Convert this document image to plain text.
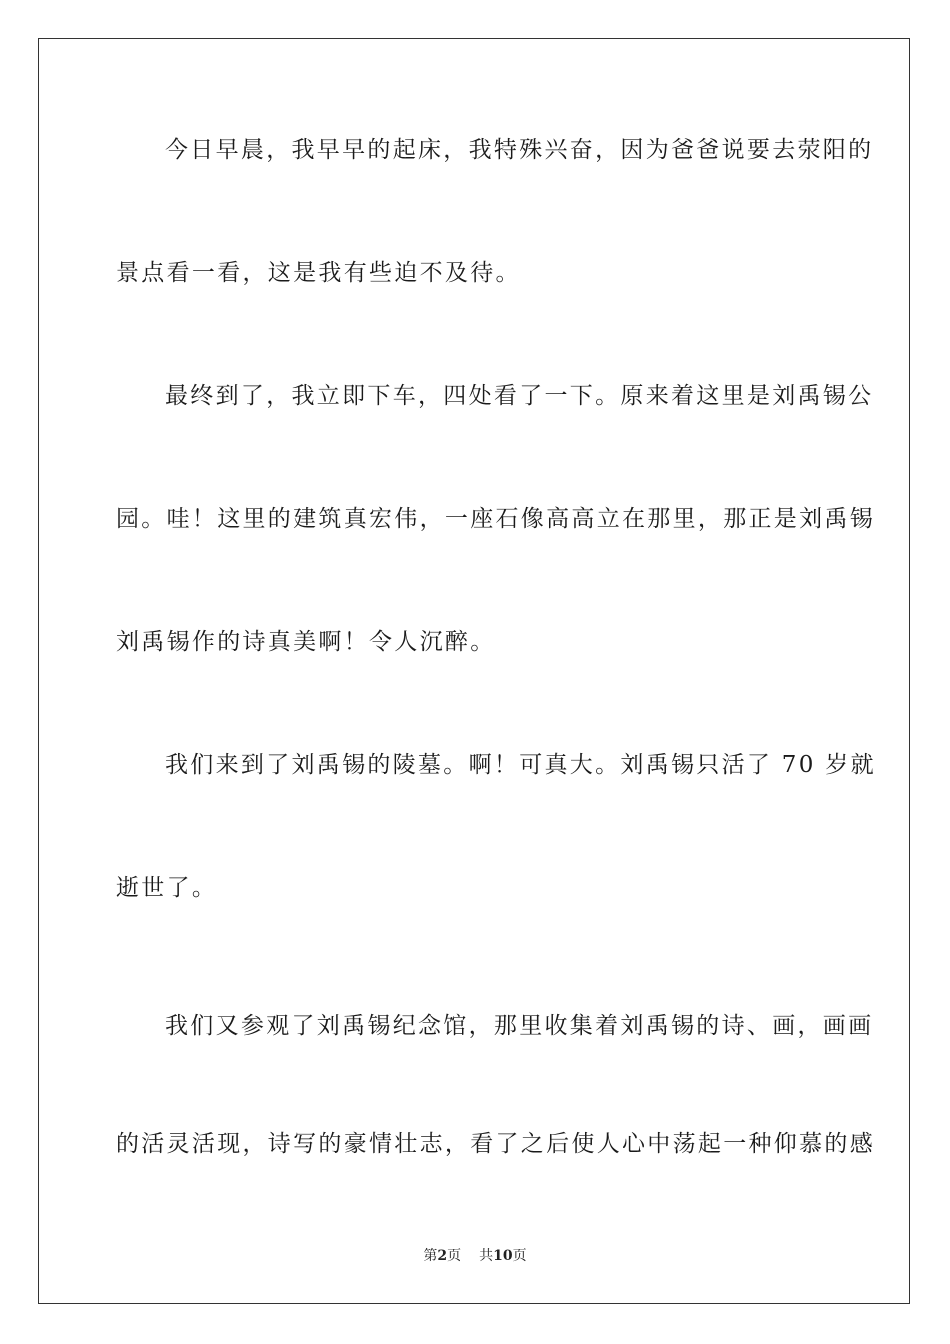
今日早晨，我早早的起床，我特殊兴奋，因为爸爸说要去荥阳的
景点看一看，这是我有些迫不及待。
最终到了，我立即下车，四处看了一下。原来着这里是刘禹锡公
园。哇！这里的建筑真宏伟，一座石像高高立在那里，那正是刘禹锡
刘禹锡作的诗真美啊！令人沉醉。
我们来到了刘禹锡的陵墓。啊！可真大。刘禹锡只活了 70 岁就
逝世了。
我们又参观了刘禹锡纪念馆，那里收集着刘禹锡的诗、画，画画
的活灵活现，诗写的豪情壮志，看了之后使人心中荡起一种仰慕的感
第2页 共10页
